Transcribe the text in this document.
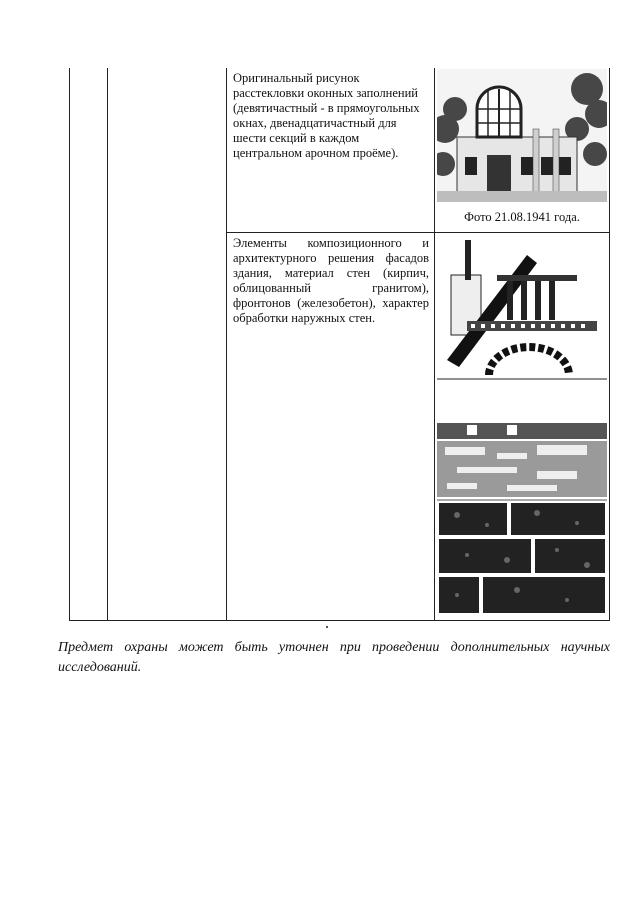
Оригинальный рисунок расстекловки оконных заполнений (девятичастный - в прямоугольных окнах, двенадцатичастный для шести секций в каждом центральном арочном проёме).
Фото 21.08.1941 года.
Элементы композиционного и архитектурного решения фасадов здания, материал стен (кирпич, облицованный гранитом), фронтонов (железобетон), характер обработки наружных стен.
Предмет охраны может быть уточнен при проведении дополнительных научных исследований.
